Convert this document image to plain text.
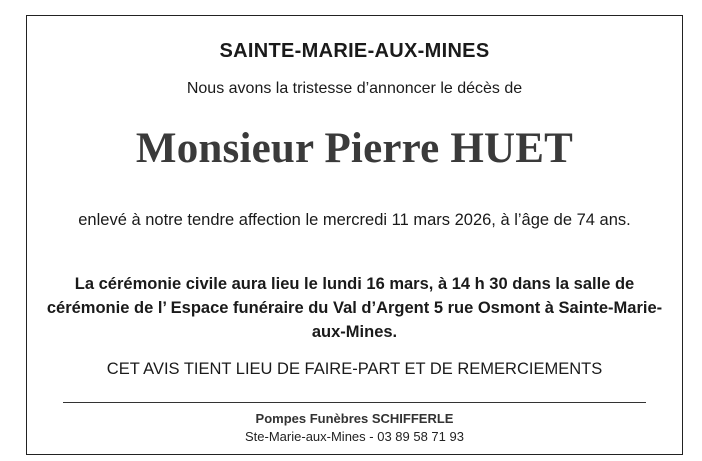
SAINTE-MARIE-AUX-MINES
Nous avons la tristesse d’annoncer le décès de
Monsieur Pierre HUET
enlevé à notre tendre affection le mercredi 11 mars 2026, à l’âge de 74 ans.
La cérémonie civile aura lieu le lundi 16 mars, à 14 h 30 dans la salle de cérémonie de l’ Espace funéraire du Val d’Argent 5 rue Osmont à Sainte-Marie-aux-Mines.
CET AVIS TIENT LIEU DE FAIRE-PART ET DE REMERCIEMENTS
Pompes Funèbres SCHIFFERLE
Ste-Marie-aux-Mines - 03 89 58 71 93
